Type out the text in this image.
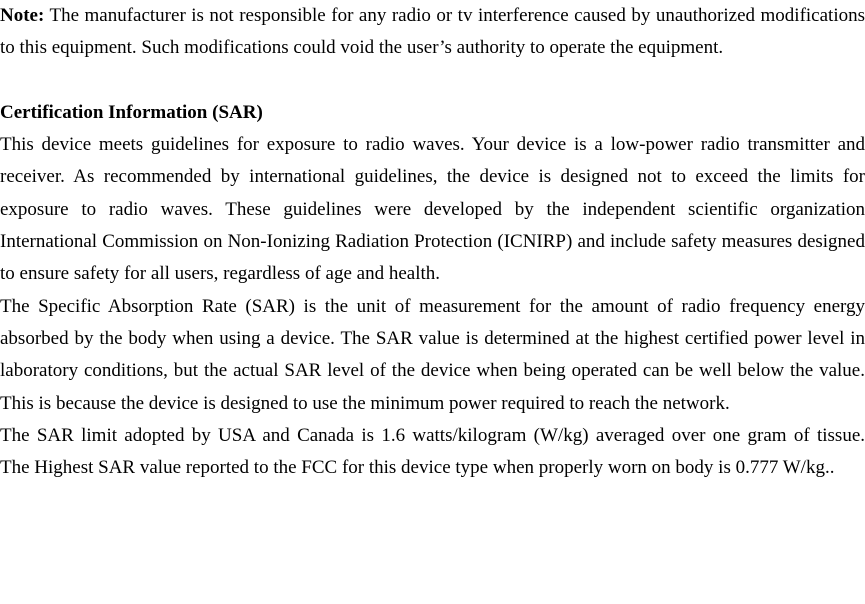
Note: The manufacturer is not responsible for any radio or tv interference caused by unauthorized modifications to this equipment. Such modifications could void the user’s authority to operate the equipment.

Certification Information (SAR)

This device meets guidelines for exposure to radio waves. Your device is a low-power radio transmitter and receiver. As recommended by international guidelines, the device is designed not to exceed the limits for exposure to radio waves. These guidelines were developed by the independent scientific organization International Commission on Non-Ionizing Radiation Protection (ICNIRP) and include safety measures designed to ensure safety for all users, regardless of age and health.

The Specific Absorption Rate (SAR) is the unit of measurement for the amount of radio frequency energy absorbed by the body when using a device. The SAR value is determined at the highest certified power level in laboratory conditions, but the actual SAR level of the device when being operated can be well below the value. This is because the device is designed to use the minimum power required to reach the network.

The SAR limit adopted by USA and Canada is 1.6 watts/kilogram (W/kg) averaged over one gram of tissue.   The Highest SAR value reported to the FCC for this device type when properly worn on body is 0.777 W/kg..
